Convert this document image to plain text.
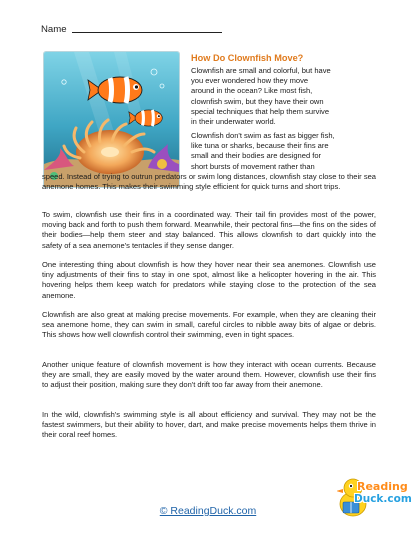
Name
How Do Clownfish Move?

Clownfish are small and colorful, but have

you ever wondered how they move

around in the ocean? Like most fish,

clownfish swim, but they have their own

special techniques that help them survive

in their underwater world.

Clownfish don't swim as fast as bigger fish,

like tuna or sharks, because their fins are

small and their bodies are designed for

short bursts of movement rather than

speed. Instead of trying to outrun predators or swim long distances, clownfish stay close to their sea anemone homes. This makes their swimming style efficient for quick turns and short trips.
To swim, clownfish use their fins in a coordinated way. Their tail fin provides most of the power, moving back and forth to push them forward. Meanwhile, their pectoral fins—the fins on the sides of their bodies—help them steer and stay balanced. This allows clownfish to dart quickly into the safety of a sea anemone's tentacles if they sense danger.
One interesting thing about clownfish is how they hover near their sea anemones. Clownfish use tiny adjustments of their fins to stay in one spot, almost like a helicopter hovering in the air. This hovering helps them keep watch for predators while staying close to the protection of the sea anemone.
Clownfish are also great at making precise movements. For example, when they are cleaning their sea anemone home, they can swim in small, careful circles to nibble away bits of algae or debris. This shows how well clownfish control their swimming, even in tight spaces.
Another unique feature of clownfish movement is how they interact with ocean currents. Because they are small, they are easily moved by the water around them. However, clownfish use their fins to adjust their position, making sure they don't drift too far away from their anemone.
In the wild, clownfish's swimming style is all about efficiency and survival. They may not be the fastest swimmers, but their ability to hover, dart, and make precise movements helps them thrive in their coral reef homes.
© ReadingDuck.com
Reading
Duck.com
